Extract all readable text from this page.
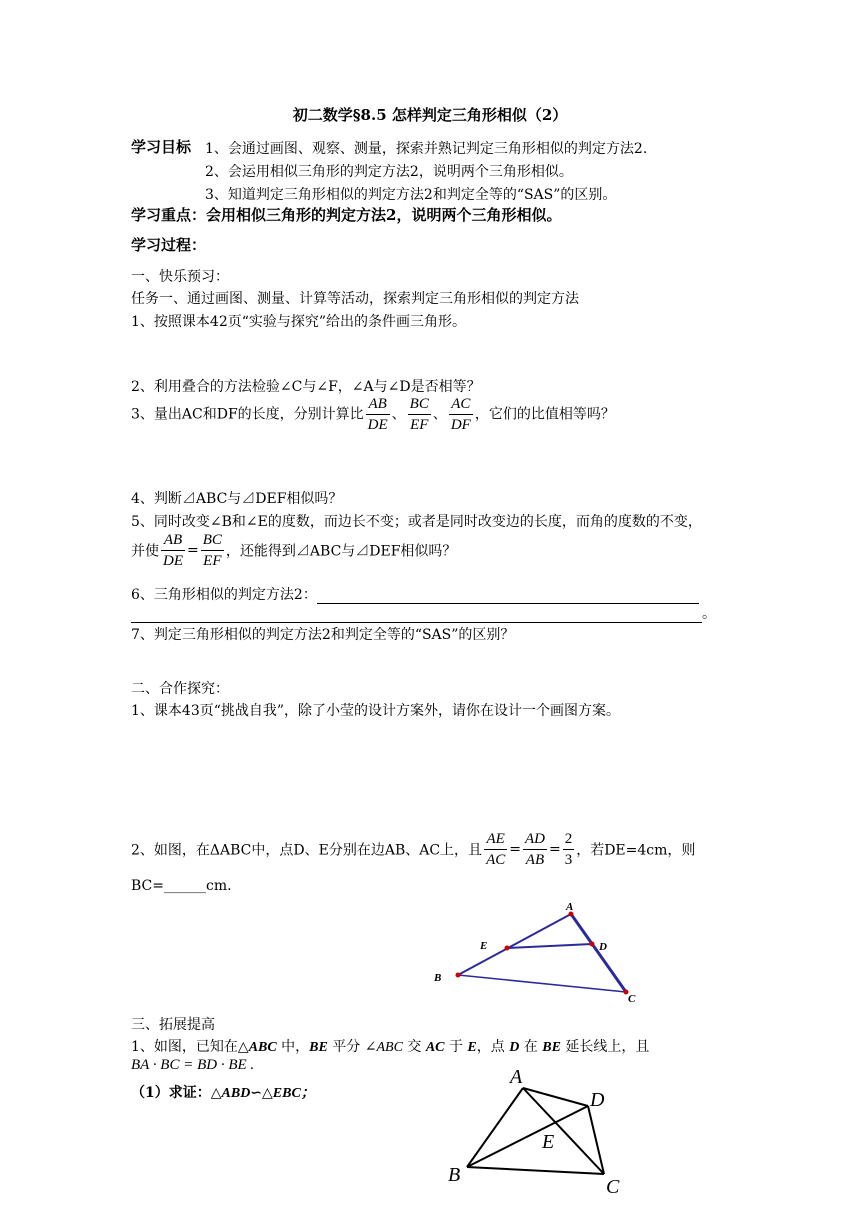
初二数学§8.5 怎样判定三角形相似（2）
学习目标 1、会通过画图、观察、测量，探索并熟记判定三角形相似的判定方法2.
2、会运用相似三角形的判定方法2，说明两个三角形相似。
3、知道判定三角形相似的判定方法2和判定全等的“SAS”的区别。
学习重点：会用相似三角形的判定方法2，说明两个三角形相似。
学习过程：
一、快乐预习：
任务一、通过画图、测量、计算等活动，探索判定三角形相似的判定方法
1、按照课本42页“实验与探究”给出的条件画三角形。
2、利用叠合的方法检验∠C与∠F，∠A与∠D是否相等？
3、量出AC和DF的长度，分别计算比 $\frac{AB}{DE}$ 、 $\frac{BC}{EF}$ 、 $\frac{AC}{DF}$ ，它们的比值相等吗？
4、判断⊿ABC与⊿DEF相似吗？
5、同时改变∠B和∠E的度数，而边长不变；或者是同时改变边的长度，而角的度数的不变，
并使 $\frac{AB}{DE} = \frac{BC}{EF}$ ，还能得到⊿ABC与⊿DEF相似吗？
6、三角形相似的判定方法2：
。
7、判定三角形相似的判定方法2和判定全等的“SAS”的区别？
二、合作探究：
1、课本43页“挑战自我”，除了小莹的设计方案外，请你在设计一个画图方案。
2、如图，在ΔABC中，点D、E分别在边AB、AC上，且 $\frac{AE}{AC} = \frac{AD}{AB} = \frac{2}{3}$ ，若DE=4cm，则
BC=______cm.
A
B
C
D
E
三、拓展提高
1、如图，已知在△ABC 中，BE 平分 ∠ABC 交 AC 于 E，点 D 在 BE 延长线上，且
BA · BC = BD · BE .
（1）求证：△ABD∽△EBC；
A
B
C
D
E
